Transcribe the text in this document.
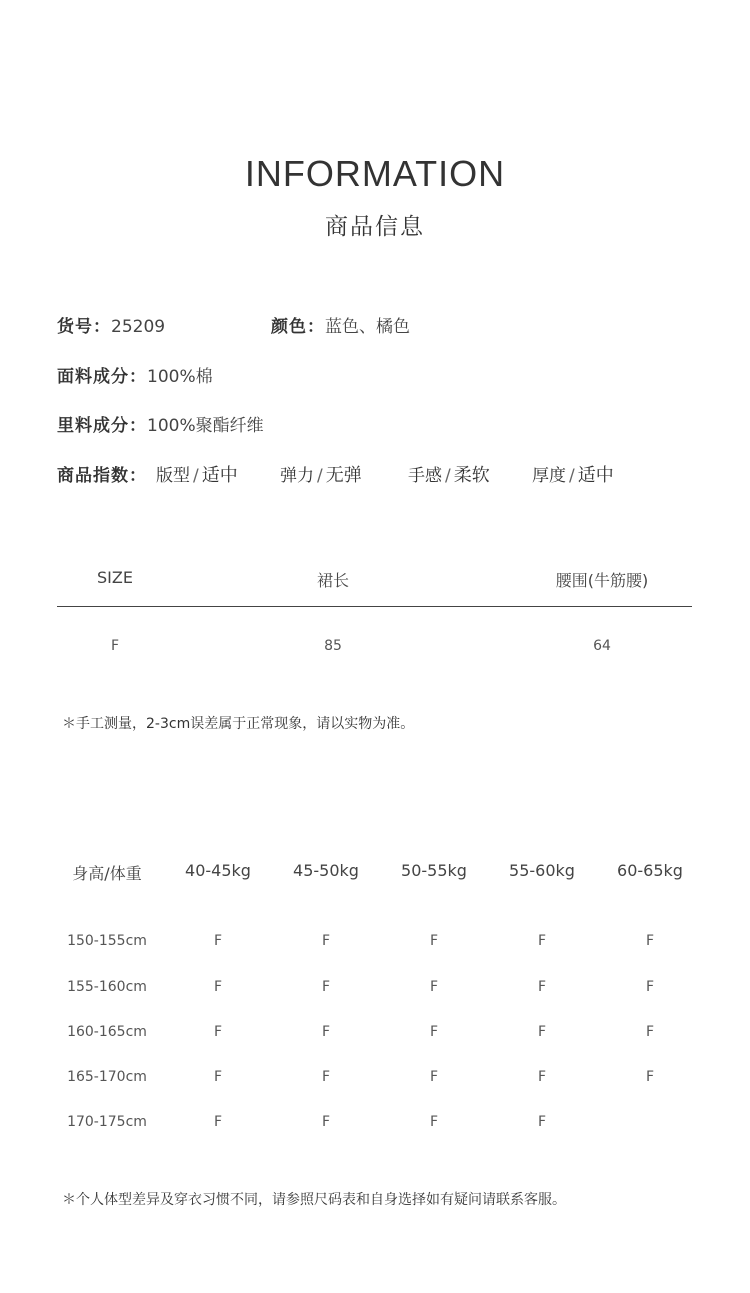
INFORMATION
商品信息
货号：25209	颜色：蓝色、橘色
面料成分：100%棉
里料成分：100%聚酯纤维
商品指数： 版型 / 适中 弹力 / 无弹	手感 / 柔软 厚度 / 适中
SIZE	裙长	腰围(牛筋腰)
F	85	64
＊手工测量，2-3cm误差属于正常现象，请以实物为准。
身高/体重	40-45kg	45-50kg	50-55kg	55-60kg	60-65kg
150-155cm	F	F	F	F	F
155-160cm	F	F	F	F	F
160-165cm	F	F	F	F	F
165-170cm	F	F	F	F	F
170-175cm	F	F	F	F
＊个人体型差异及穿衣习惯不同，请参照尺码表和自身选择如有疑问请联系客服。
